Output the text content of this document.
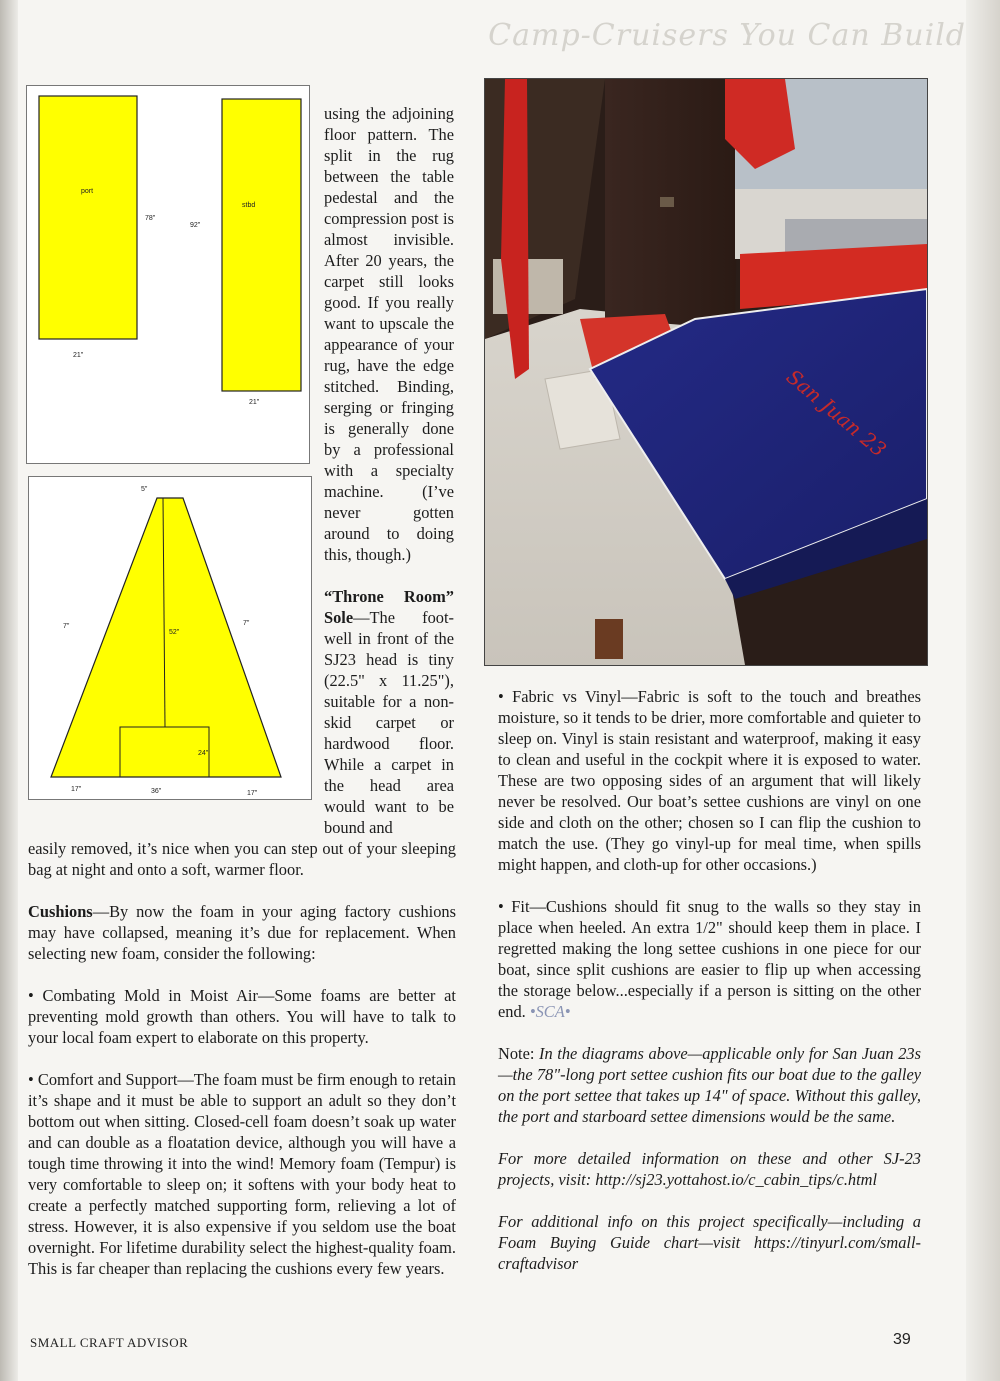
Camp-Cruisers You Can Build
port
stbd
78"
92"
21"
21"
5"
52"
7"	7"
24"
17"	36"	17"

using the adjoining floor pattern. The split in the rug between the table pedestal and the compression post is almost invisible. After 20 years, the carpet still looks good. If you really want to upscale the appearance of your rug, have the edge stitched. Binding, serging or fringing is generally done by a professional with a specialty machine. (I’ve never gotten around to doing this, though.)

“Throne Room” Sole—The foot-well in front of the SJ23 head is tiny (22.5" x 11.25"), suitable for a non-skid carpet or hardwood floor. While a carpet in the head area would want to be bound and

San Juan 23

easily removed, it’s nice when you can step out of your sleeping bag at night and onto a soft, warmer floor.

Cushions—By now the foam in your aging factory cushions may have collapsed, meaning it’s due for replacement. When selecting new foam, consider the following:

• Combating Mold in Moist Air—Some foams are better at preventing mold growth than others. You will have to talk to your local foam expert to elaborate on this property.

• Comfort and Support—The foam must be firm enough to retain it’s shape and it must be able to support an adult so they don’t bottom out when sitting. Closed-cell foam doesn’t soak up water and can double as a floatation device, although you will have a tough time throwing it into the wind! Memory foam (Tempur) is very comfortable to sleep on; it softens with your body heat to create a perfectly matched supporting form, relieving a lot of stress. However, it is also expensive if you seldom use the boat overnight. For lifetime durability select the highest-quality foam. This is far cheaper than replacing the cushions every few years.

• Fabric vs Vinyl—Fabric is soft to the touch and breathes moisture, so it tends to be drier, more comfortable and quieter to sleep on. Vinyl is stain resistant and waterproof, making it easy to clean and useful in the cockpit where it is exposed to water. These are two opposing sides of an argument that will likely never be resolved. Our boat’s settee cushions are vinyl on one side and cloth on the other; chosen so I can flip the cushion to match the use. (They go vinyl-up for meal time, when spills might happen, and cloth-up for other occasions.)

• Fit—Cushions should fit snug to the walls so they stay in place when heeled. An extra 1/2" should keep them in place. I regretted making the long settee cushions in one piece for our boat, since split cushions are easier to flip up when accessing the storage below...especially if a person is sitting on the other end. •SCA•

Note: In the diagrams above—applicable only for San Juan 23s—the 78"-long port settee cushion fits our boat due to the galley on the port settee that takes up 14" of space. Without this galley, the port and starboard settee dimensions would be the same.

For more detailed information on these and other SJ-23 projects, visit: http://sj23.yottahost.io/c_cabin_tips/c.html

For additional info on this project specifically—including a Foam Buying Guide chart—visit https://tinyurl.com/small-craftadvisor

SMALL CRAFT ADVISOR	39
